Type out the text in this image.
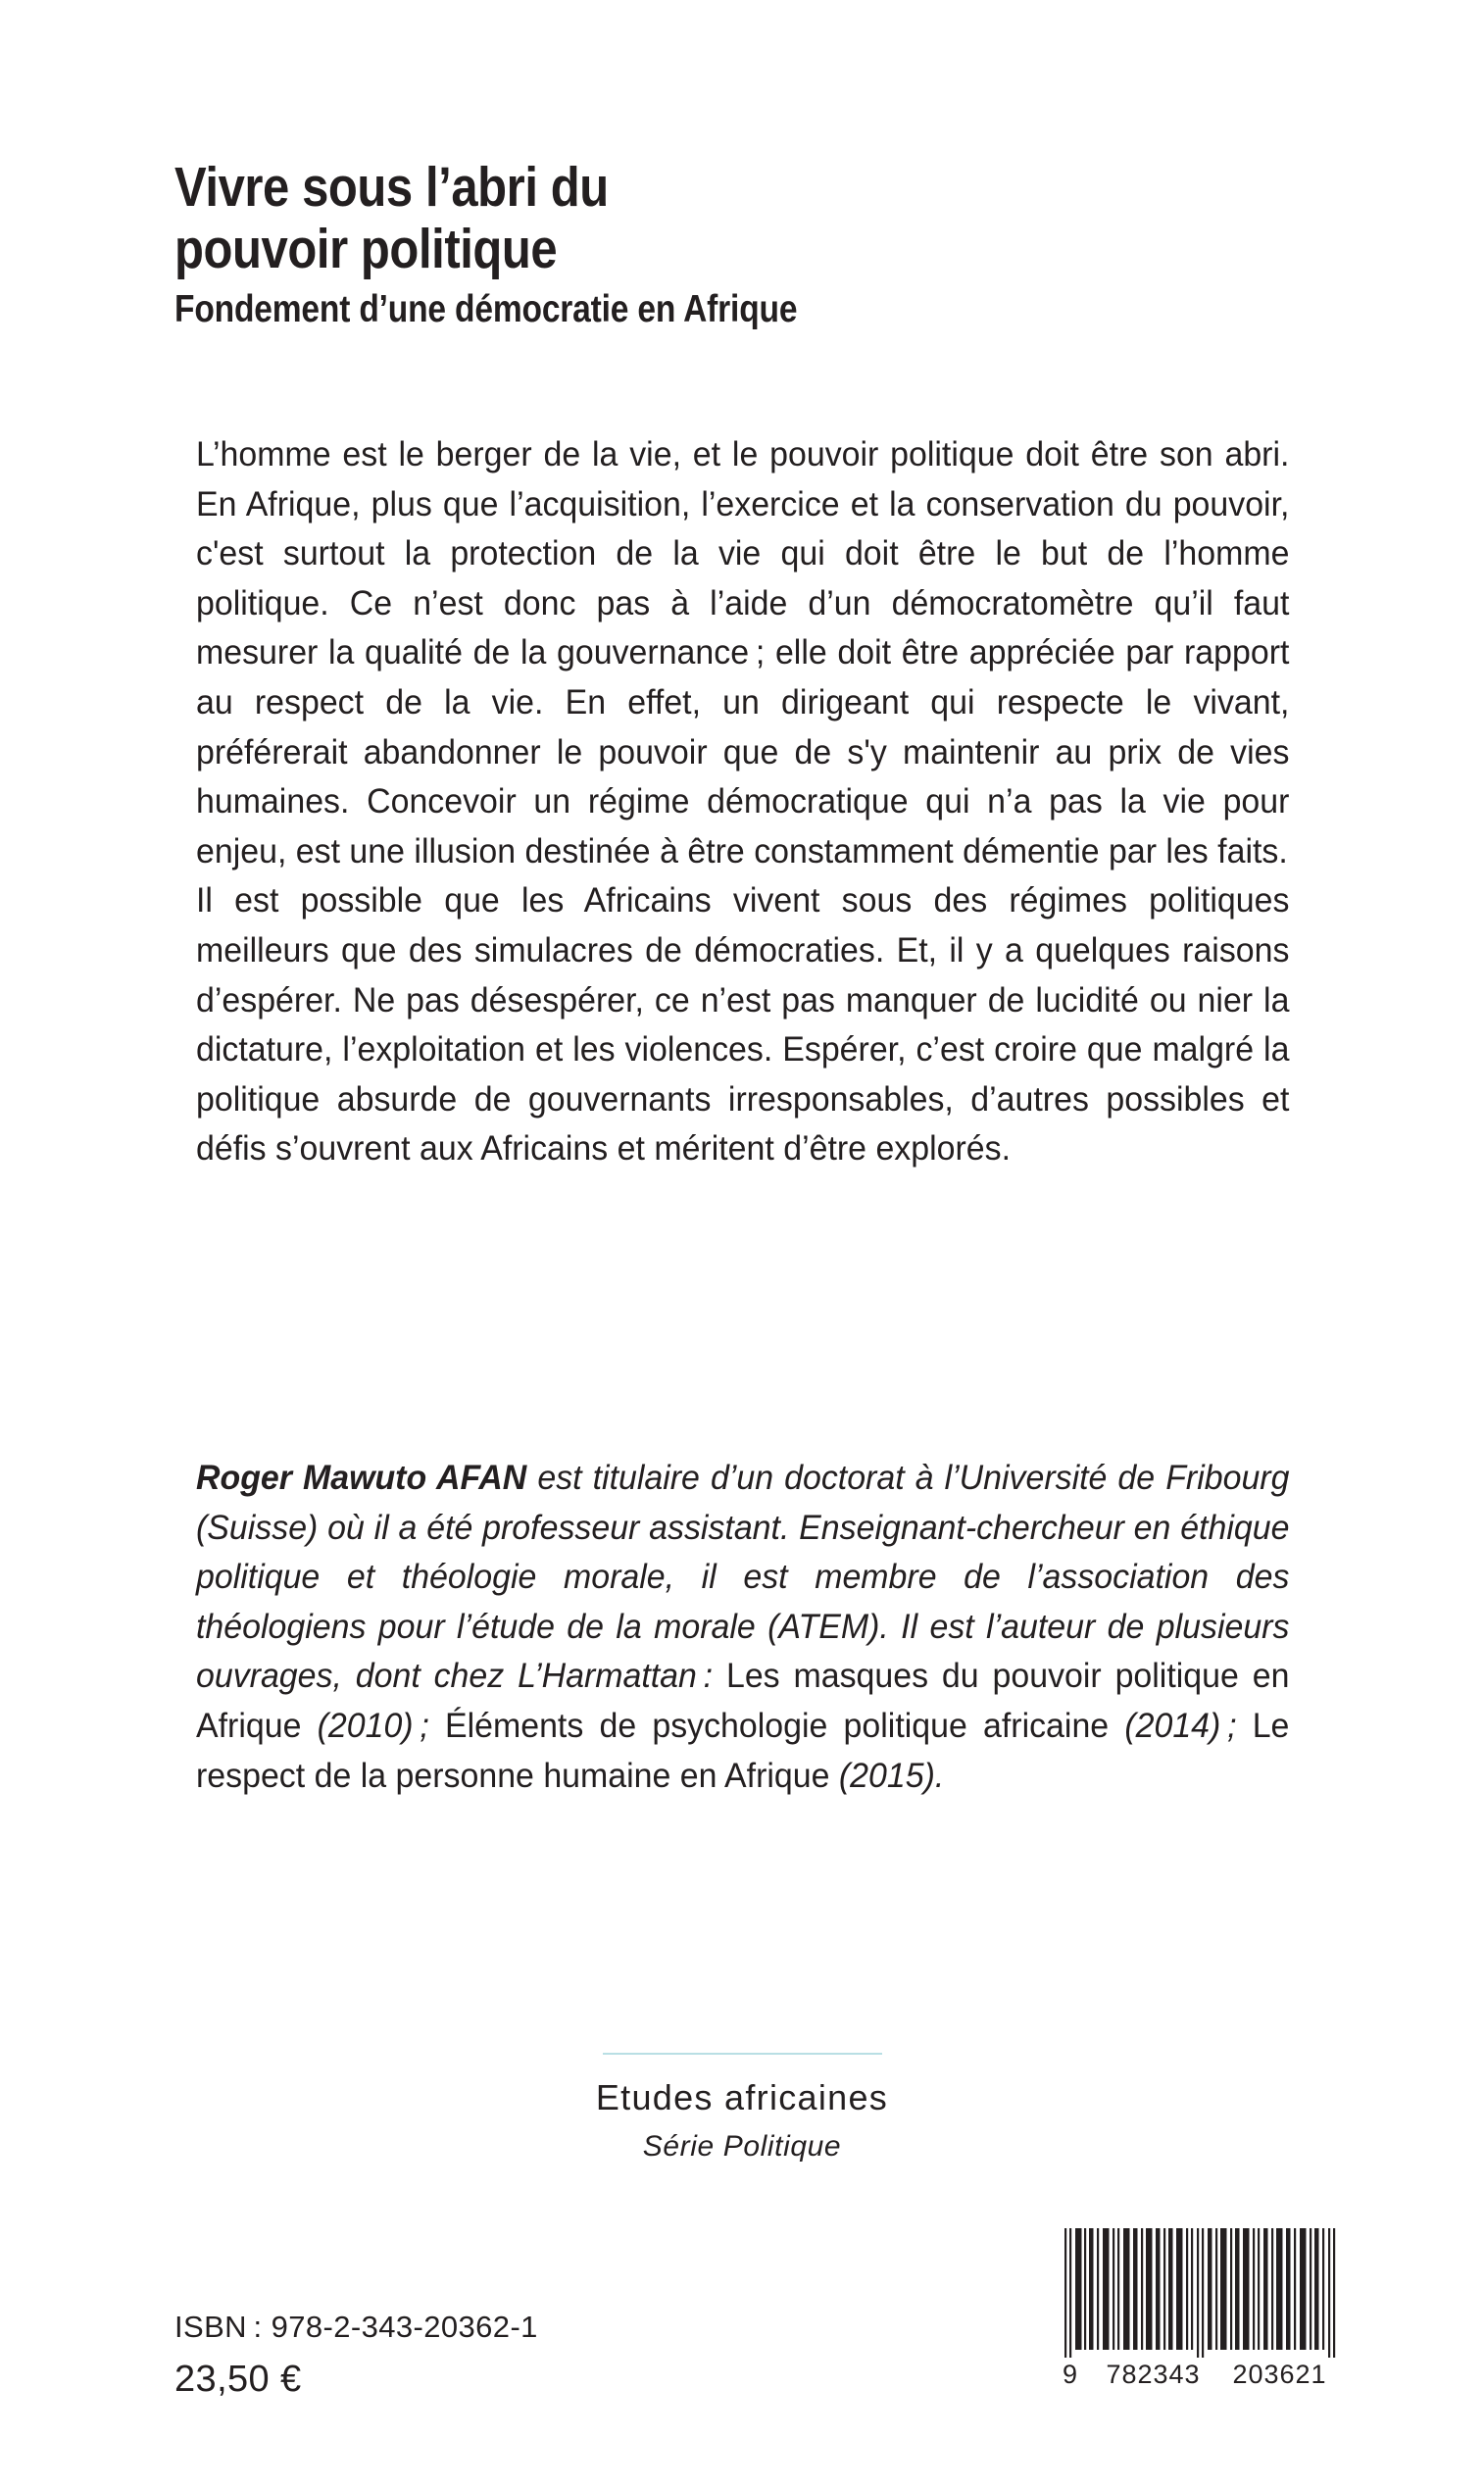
Vivre sous l’abri du
pouvoir politique
Fondement d’une démocratie en Afrique

L’homme est le berger de la vie, et le pouvoir politique doit être son abri. En Afrique, plus que l’acquisition, l’exercice et la conservation du pouvoir, c'est surtout la protection de la vie qui doit être le but de l’homme politique. Ce n’est donc pas à l’aide d’un démocratomètre qu’il faut mesurer la qualité de la gouvernance ; elle doit être appréciée par rapport au respect de la vie. En effet, un dirigeant qui respecte le vivant, préférerait abandonner le pouvoir que de s'y maintenir au prix de vies humaines. Concevoir un régime démocratique qui n’a pas la vie pour enjeu, est une illusion destinée à être constamment démentie par les faits.

Il est possible que les Africains vivent sous des régimes politiques meilleurs que des simulacres de démocraties. Et, il y a quelques raisons d’espérer. Ne pas désespérer, ce n’est pas manquer de lucidité ou nier la dictature, l’exploitation et les violences. Espérer, c’est croire que malgré la politique absurde de gouvernants irresponsables, d’autres possibles et défis s’ouvrent aux Africains et méritent d’être explorés.

Roger Mawuto AFAN est titulaire d’un doctorat à l’Université de Fribourg (Suisse) où il a été professeur assistant. Enseignant-chercheur en éthique politique et théologie morale, il est membre de l’association des théologiens pour l’étude de la morale (ATEM). Il est l’auteur de plusieurs ouvrages, dont chez L’Harmattan : Les masques du pouvoir politique en Afrique (2010) ; Éléments de psychologie politique africaine (2014) ; Le respect de la personne humaine en Afrique (2015).

Etudes africaines
Série Politique
ISBN : 978-2-343-20362-1
23,50 €	9	782343	203621
